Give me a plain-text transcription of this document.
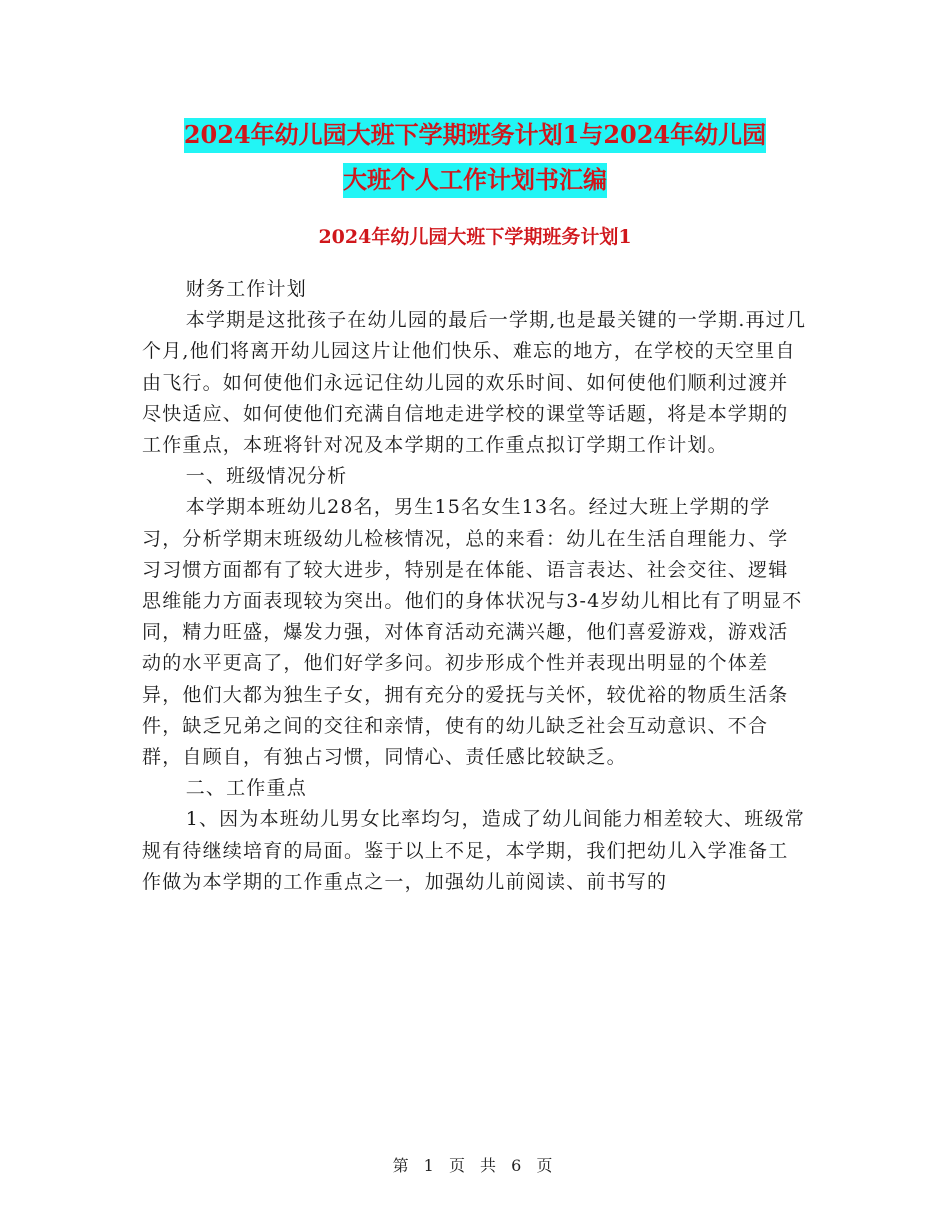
2024年幼儿园大班下学期班务计划1与2024年幼儿园
大班个人工作计划书汇编
2024年幼儿园大班下学期班务计划1

财务工作计划

本学期是这批孩子在幼儿园的最后一学期,也是最关键的一学期.再过几个月,他们将离开幼儿园这片让他们快乐、难忘的地方，在学校的天空里自由飞行。如何使他们永远记住幼儿园的欢乐时间、如何使他们顺利过渡并尽快适应、如何使他们充满自信地走进学校的课堂等话题，将是本学期的工作重点，本班将针对况及本学期的工作重点拟订学期工作计划。

一、班级情况分析

本学期本班幼儿28名，男生15名女生13名。经过大班上学期的学习，分析学期末班级幼儿检核情况，总的来看：幼儿在生活自理能力、学习习惯方面都有了较大进步，特别是在体能、语言表达、社会交往、逻辑思维能力方面表现较为突出。他们的身体状况与3-4岁幼儿相比有了明显不同，精力旺盛，爆发力强，对体育活动充满兴趣，他们喜爱游戏，游戏活动的水平更高了，他们好学多问。初步形成个性并表现出明显的个体差异，他们大都为独生子女，拥有充分的爱抚与关怀，较优裕的物质生活条件，缺乏兄弟之间的交往和亲情，使有的幼儿缺乏社会互动意识、不合群，自顾自，有独占习惯，同情心、责任感比较缺乏。

二、工作重点

1、因为本班幼儿男女比率均匀，造成了幼儿间能力相差较大、班级常规有待继续培育的局面。鉴于以上不足，本学期，我们把幼儿入学准备工作做为本学期的工作重点之一，加强幼儿前阅读、前书写的

第 1 页 共 6 页
